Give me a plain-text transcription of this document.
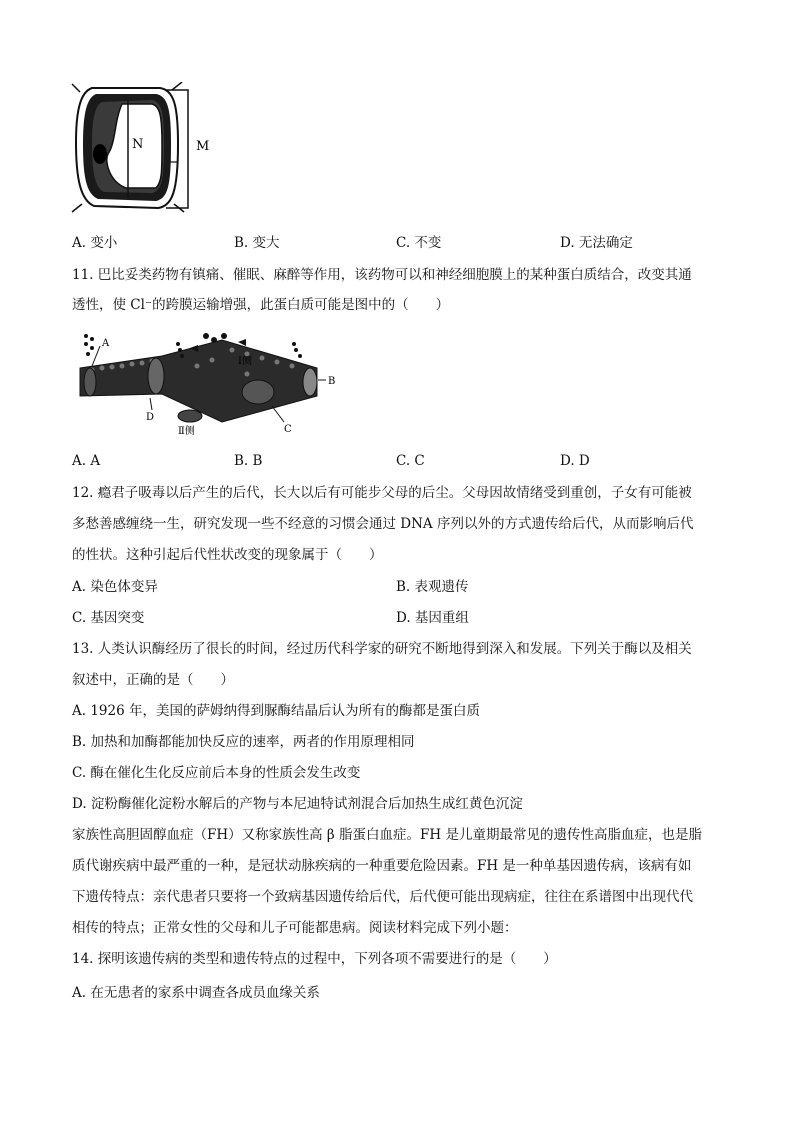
N	M
A. 变小	B. 变大	C. 不变	D. 无法确定
11. 巴比妥类药物有镇痛、催眠、麻醉等作用，该药物可以和神经细胞膜上的某种蛋白质结合，改变其通
透性，使 Cl⁻的跨膜运输增强，此蛋白质可能是图中的（　　）
A
B
C
D
Ⅰ侧
Ⅱ侧
A. A	B. B	C. C	D. D
12. 瘾君子吸毒以后产生的后代，长大以后有可能步父母的后尘。父母因故情绪受到重创，子女有可能被
多愁善感缠绕一生，研究发现一些不经意的习惯会通过 DNA 序列以外的方式遗传给后代，从而影响后代
的性状。这种引起后代性状改变的现象属于（　　）
A. 染色体变异	B. 表观遗传
C. 基因突变	D. 基因重组
13. 人类认识酶经历了很长的时间，经过历代科学家的研究不断地得到深入和发展。下列关于酶以及相关
叙述中，正确的是（　　）
A. 1926 年，美国的萨姆纳得到脲酶结晶后认为所有的酶都是蛋白质
B. 加热和加酶都能加快反应的速率，两者的作用原理相同
C. 酶在催化生化反应前后本身的性质会发生改变
D. 淀粉酶催化淀粉水解后的产物与本尼迪特试剂混合后加热生成红黄色沉淀
家族性高胆固醇血症（FH）又称家族性高 β 脂蛋白血症。FH 是儿童期最常见的遗传性高脂血症，也是脂
质代谢疾病中最严重的一种，是冠状动脉疾病的一种重要危险因素。FH 是一种单基因遗传病，该病有如
下遗传特点：亲代患者只要将一个致病基因遗传给后代，后代便可能出现病症，往往在系谱图中出现代代
相传的特点；正常女性的父母和儿子可能都患病。阅读材料完成下列小题：
14. 探明该遗传病的类型和遗传特点的过程中，下列各项不需要进行的是（　　）
A. 在无患者的家系中调查各成员血缘关系
